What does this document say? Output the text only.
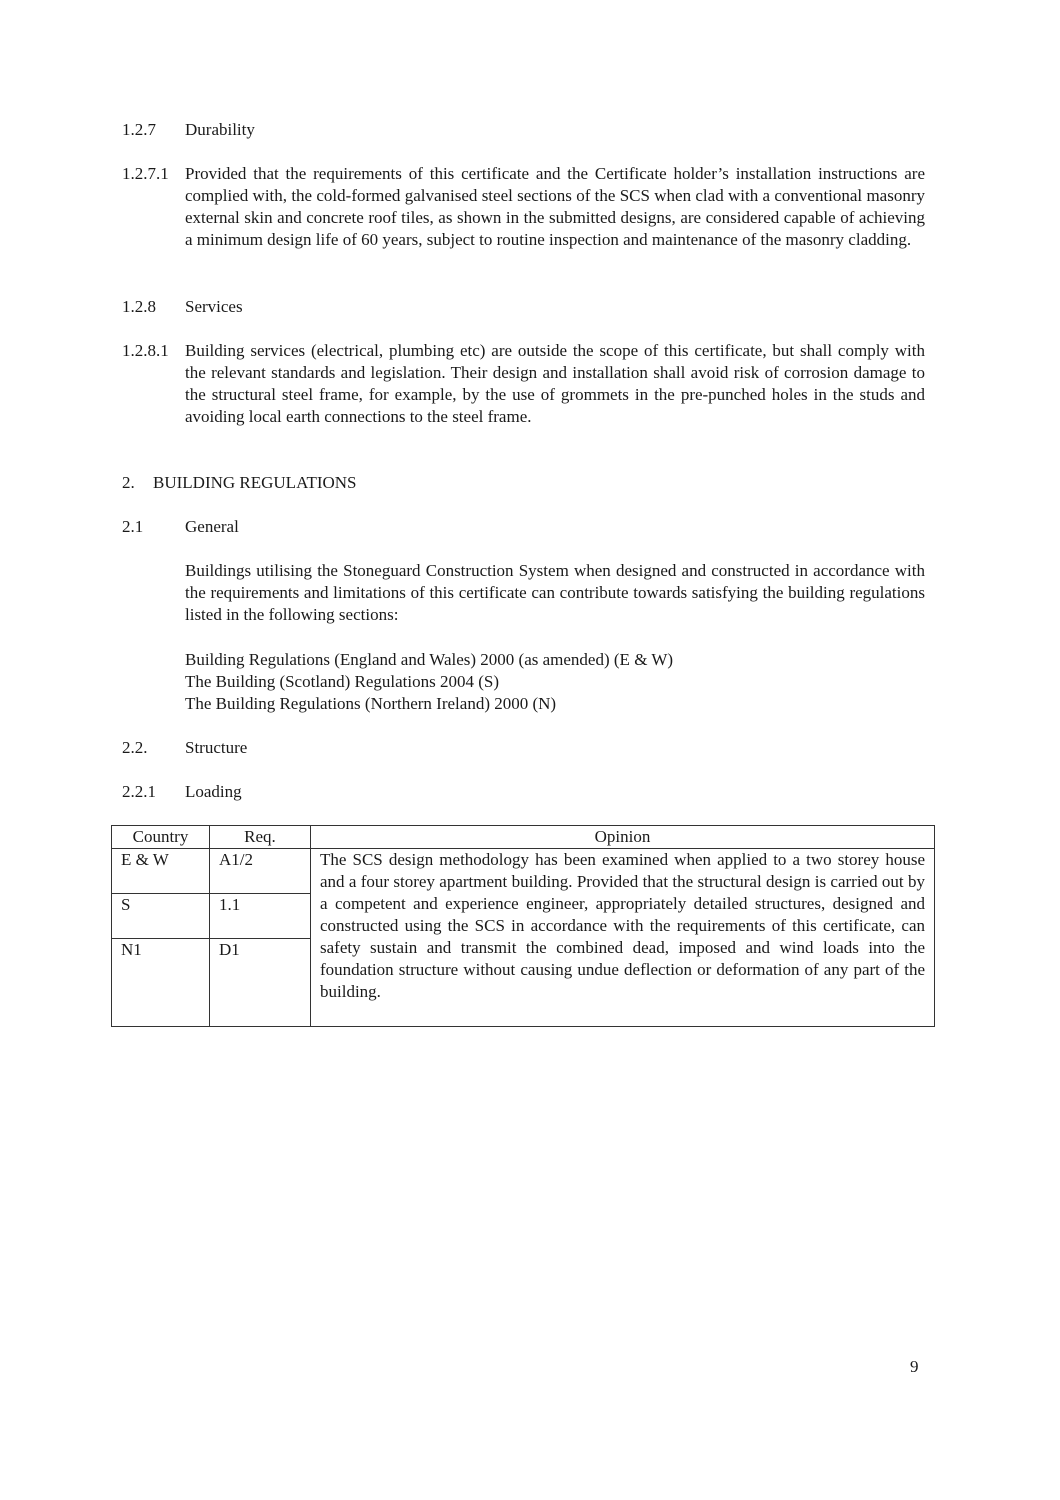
1.2.7 Durability
1.2.7.1 Provided that the requirements of this certificate and the Certificate holder’s installation instructions are complied with, the cold-formed galvanised steel sections of the SCS when clad with a conventional masonry external skin and concrete roof tiles, as shown in the submitted designs, are considered capable of achieving a minimum design life of 60 years, subject to routine inspection and maintenance of the masonry cladding.
1.2.8 Services
1.2.8.1 Building services (electrical, plumbing etc) are outside the scope of this certificate, but shall comply with the relevant standards and legislation. Their design and installation shall avoid risk of corrosion damage to the structural steel frame, for example, by the use of grommets in the pre-punched holes in the studs and avoiding local earth connections to the steel frame.
2. BUILDING REGULATIONS
2.1 General
Buildings utilising the Stoneguard Construction System when designed and constructed in accordance with the requirements and limitations of this certificate can contribute towards satisfying the building regulations listed in the following sections:
Building Regulations (England and Wales) 2000 (as amended) (E & W)
The Building (Scotland) Regulations 2004 (S)
The Building Regulations (Northern Ireland) 2000 (N)
2.2. Structure
2.2.1 Loading
Country	Req.	Opinion
E & W	A1/2	The SCS design methodology has been examined when applied to a two storey house and a four storey apartment building. Provided that the structural design is carried out by a competent and experience engineer, appropriately detailed structures, designed and constructed using the SCS in accordance with the requirements of this certificate, can safety sustain and transmit the combined dead, imposed and wind loads into the foundation structure without causing undue deflection or deformation of any part of the building.
S	1.1	
N1	D1	
9
